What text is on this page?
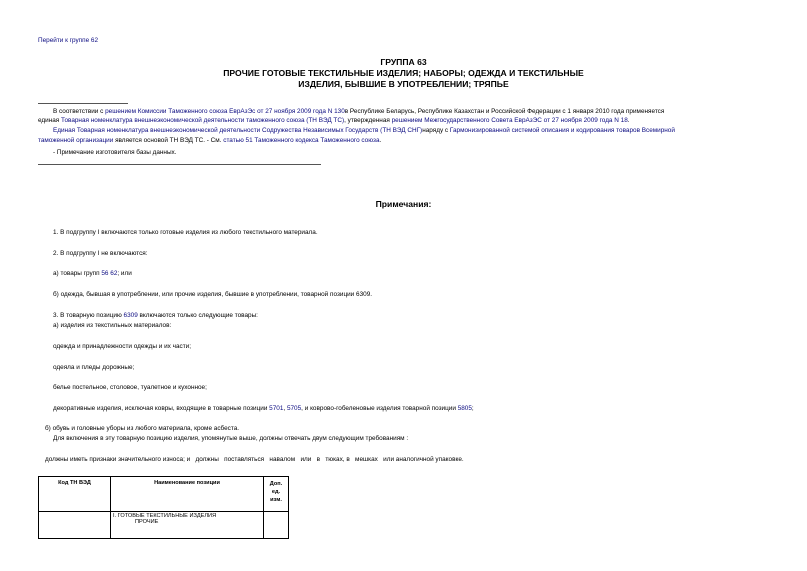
Перейти к группе 62
ГРУППА 63
ПРОЧИЕ ГОТОВЫЕ ТЕКСТИЛЬНЫЕ ИЗДЕЛИЯ; НАБОРЫ; ОДЕЖДА И ТЕКСТИЛЬНЫЕ
ИЗДЕЛИЯ, БЫВШИЕ В УПОТРЕБЛЕНИИ; ТРЯПЬЕ
В соответствии с решением Комиссии Таможенного союза ЕврАзЭс от 27 ноября 2009 года N 130в Республике Беларусь, Республике Казахстан и Российской Федерации с 1 января 2010 года применяется
единая Товарная номенклатура внешнеэкономической деятельности таможенного союза (ТН ВЭД ТС), утвержденная решением Межгосударственного Совета ЕврАзЭС от 27 ноября 2009 года N 18.
Единая Товарная номенклатура внешнеэкономической деятельности Содружества Независимых Государств (ТН ВЭД СНГ)наряду с Гармонизированной системой описания и кодирования товаров Всемирной
таможенной организации является основой ТН ВЭД ТС. - См. статью 51 Таможенного кодекса Таможенного союза.
- Примечание изготовителя базы данных.
Примечания:
1. В подгруппу I включаются только готовые изделия из любого текстильного материала.
2. В подгруппу I не включаются:
а) товары групп 56 62; или
б) одежда, бывшая в употреблении, или прочие изделия, бывшие в употреблении, товарной позиции 6309.
3. В товарную позицию 6309 включаются только следующие товары:
а) изделия из текстильных материалов:
одежда и принадлежности одежды и их части;
одеяла и пледы дорожные;
белье постельное, столовое, туалетное и кухонное;
декоративные изделия, исключая ковры, входящие в товарные позиции 5701, 5705, и ковровo-гобеленовые изделия товарной позиции 5805;
б) обувь и головные уборы из любого материала, кроме асбеста.
Для включения в эту товарную позицию изделия, упомянутые выше, должны отвечать двум следующим требованиям :
должны иметь признаки значительного износа; и   должны   поставляться   навалом   или   в   тюках, в   мешках   или аналогичной упаковке.
Код ТН ВЭД	Наименование позиции	Доп. ед. изм.

	I. ГОТОВЫЕ ТЕКСТИЛЬНЫЕ ИЗДЕЛИЯ
ПРОЧИЕ	
